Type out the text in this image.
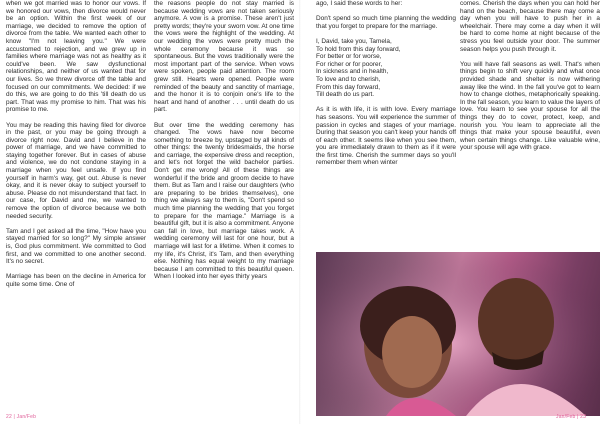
when we got married was to honor our vows. If we honored our vows, then divorce would never be an option. Within the first week of our marriage, we decided to remove the option of divorce from the table. We wanted each other to know "I'm not leaving you." We were accustomed to rejection, and we grew up in families where marriage was not as healthy as it could've been. We saw dysfunctional relationships, and neither of us wanted that for our lives. So we threw divorce off the table and focused on our commitments. We decided: if we do this, we are going to do this 'till death do us part. That was my promise to him. That was his promise to me.

You may be reading this having filed for divorce in the past, or you may be going through a divorce right now. David and I believe in the power of marriage, and we have committed to staying together forever. But in cases of abuse and violence, we do not condone staying in a marriage when you feel unsafe. If you find yourself in harm's way, get out. Abuse is never okay, and it is never okay to subject yourself to abuse. Please do not misunderstand that fact. In our case, for David and me, we wanted to remove the option of divorce because we both needed security.

Tam and I get asked all the time, "How have you stayed married for so long?" My simple answer is, God plus commitment. We committed to God first, and we committed to one another second. It's no secret.

Marriage has been on the decline in America for quite some time. One of

the reasons people do not stay married is because wedding vows are not taken seriously anymore. A vow is a promise. These aren't just pretty words; they're your sworn vow. At one time the vows were the highlight of the wedding. At our wedding the vows were pretty much the whole ceremony because it was so spontaneous. But the vows traditionally were the most important part of the service. When vows were spoken, people paid attention. The room grew still. Hearts were opened. People were reminded of the beauty and sanctity of marriage, and the honor it is to conjoin one's life to the heart and hand of another . . . until death do us part.

But over time the wedding ceremony has changed. The vows have now become something to breeze by, upstaged by all kinds of other things: the twenty bridesmaids, the horse and carriage, the expensive dress and reception, and let's not forget the wild bachelor parties. Don't get me wrong! All of these things are wonderful if the bride and groom decide to have them. But as Tam and I raise our daughters (who are preparing to be brides themselves), one thing we always say to them is, "Don't spend so much time planning the wedding that you forget to prepare for the marriage." Marriage is a beautiful gift, but it is also a commitment. Anyone can fall in love, but marriage takes work. A wedding ceremony will last for one hour, but a marriage will last for a lifetime. When it comes to my life, it's Christ, it's Tam, and then everything else. Nothing has equal weight to my marriage because I am committed to this beautiful queen. When I looked into her eyes thirty years

ago, I said these words to her:

Don't spend so much time planning the wedding that you forget to prepare for the marriage.

I, David, take you, Tamela,
To hold from this day forward,
For better or for worse,
For richer or for poorer,
In sickness and in health,
To love and to cherish,
From this day forward,
Till death do us part.

As it is with life, it is with love. Every marriage has seasons. You will experience the summer of passion in cycles and stages of your marriage. During that season you can't keep your hands off of each other. It seems like when you see them, you are immediately drawn to them as if it were the first time. Cherish the summer days so you'll remember them when winter

comes. Cherish the days when you can hold her hand on the beach, because there may come a day when you will have to push her in a wheelchair. There may come a day when it will be hard to come home at night because of the stress you feel outside your door. The summer season helps you push through it.

You will have fall seasons as well. That's when things begin to shift very quickly and what once provided shade and shelter is now withering away like the wind. In the fall you've got to learn how to change clothes, metaphorically speaking. In the fall season, you learn to value the layers of love. You learn to see your spouse for all the things they do to cover, protect, keep, and nourish you. You learn to appreciate all the things that make your spouse beautiful, even when certain things change. Like valuable wine, your spouse will age with grace.

22 | Jan/Feb	Jan/Feb | 23
